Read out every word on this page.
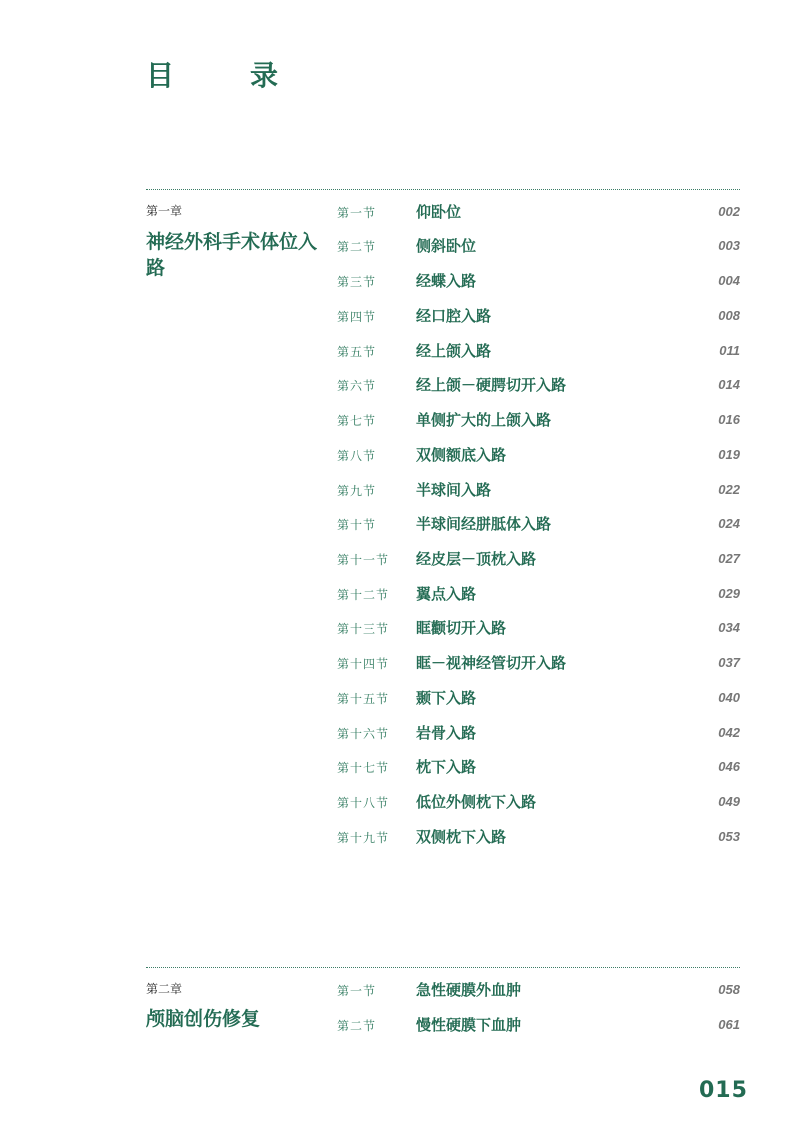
目　录
第一章
神经外科手术体位入路
第一节	仰卧位	002
第二节	侧斜卧位	003
第三节	经蝶入路	004
第四节	经口腔入路	008
第五节	经上颌入路	011
第六节	经上颌－硬腭切开入路	014
第七节	单侧扩大的上颌入路	016
第八节	双侧额底入路	019
第九节	半球间入路	022
第十节	半球间经胼胝体入路	024
第十一节 经皮层－顶枕入路	027
第十二节 翼点入路	029
第十三节 眶颧切开入路	034
第十四节 眶－视神经管切开入路	037
第十五节 颞下入路	040
第十六节 岩骨入路	042
第十七节 枕下入路	046
第十八节 低位外侧枕下入路	049
第十九节 双侧枕下入路	053
第二章
颅脑创伤修复
第一节	急性硬膜外血肿	058
第二节	慢性硬膜下血肿	061
015
